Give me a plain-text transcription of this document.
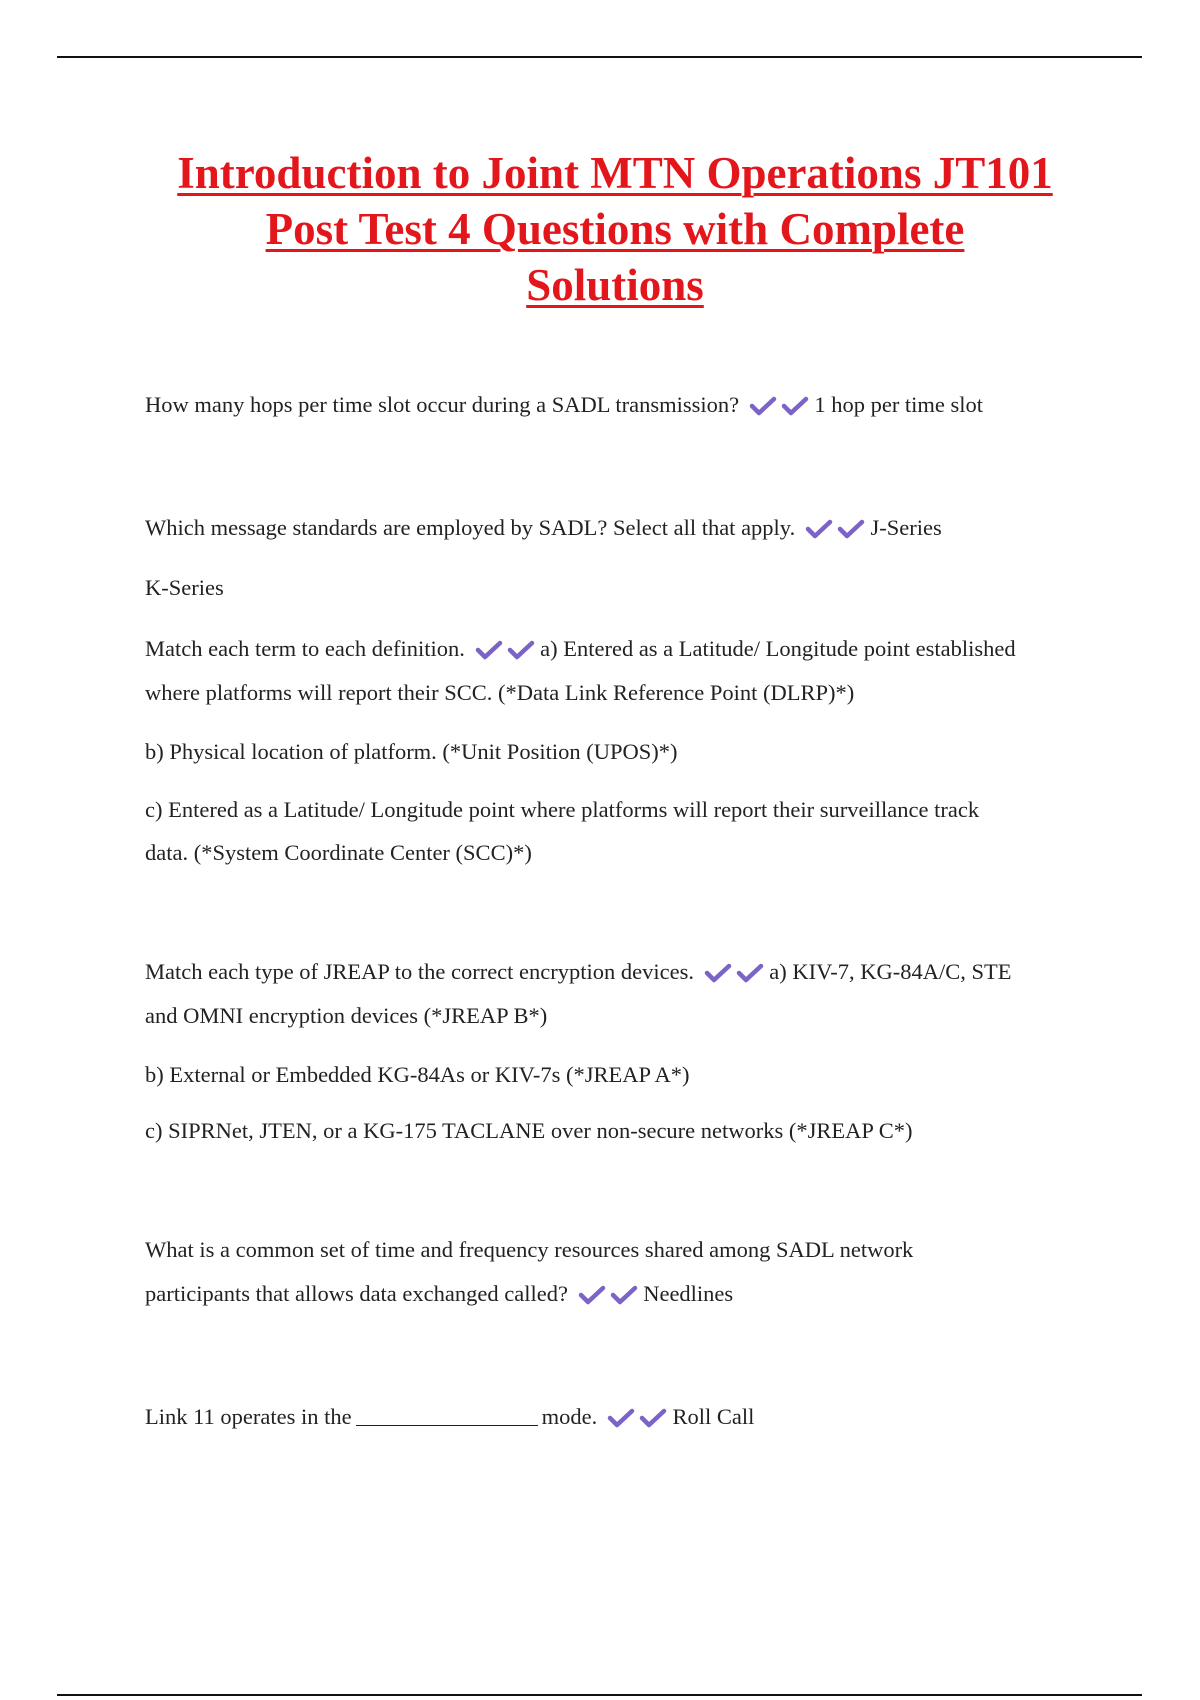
Introduction to Joint MTN Operations JT101
Post Test 4 Questions with Complete
Solutions
How many hops per time slot occur during a SADL transmission?	1 hop per time slot
Which message standards are employed by SADL? Select all that apply.	J-Series
K-Series
Match each term to each definition.	a) Entered as a Latitude/ Longitude point established
where platforms will report their SCC. (*Data Link Reference Point (DLRP)*)
b) Physical location of platform. (*Unit Position (UPOS)*)
c) Entered as a Latitude/ Longitude point where platforms will report their surveillance track
data. (*System Coordinate Center (SCC)*)
Match each type of JREAP to the correct encryption devices.	a) KIV-7, KG-84A/C, STE
and OMNI encryption devices (*JREAP B*)
b) External or Embedded KG-84As or KIV-7s (*JREAP A*)
c) SIPRNet, JTEN, or a KG-175 TACLANE over non-secure networks (*JREAP C*)
What is a common set of time and frequency resources shared among SADL network
participants that allows data exchanged called?	Needlines
Link 11 operates in the	mode.	Roll Call
